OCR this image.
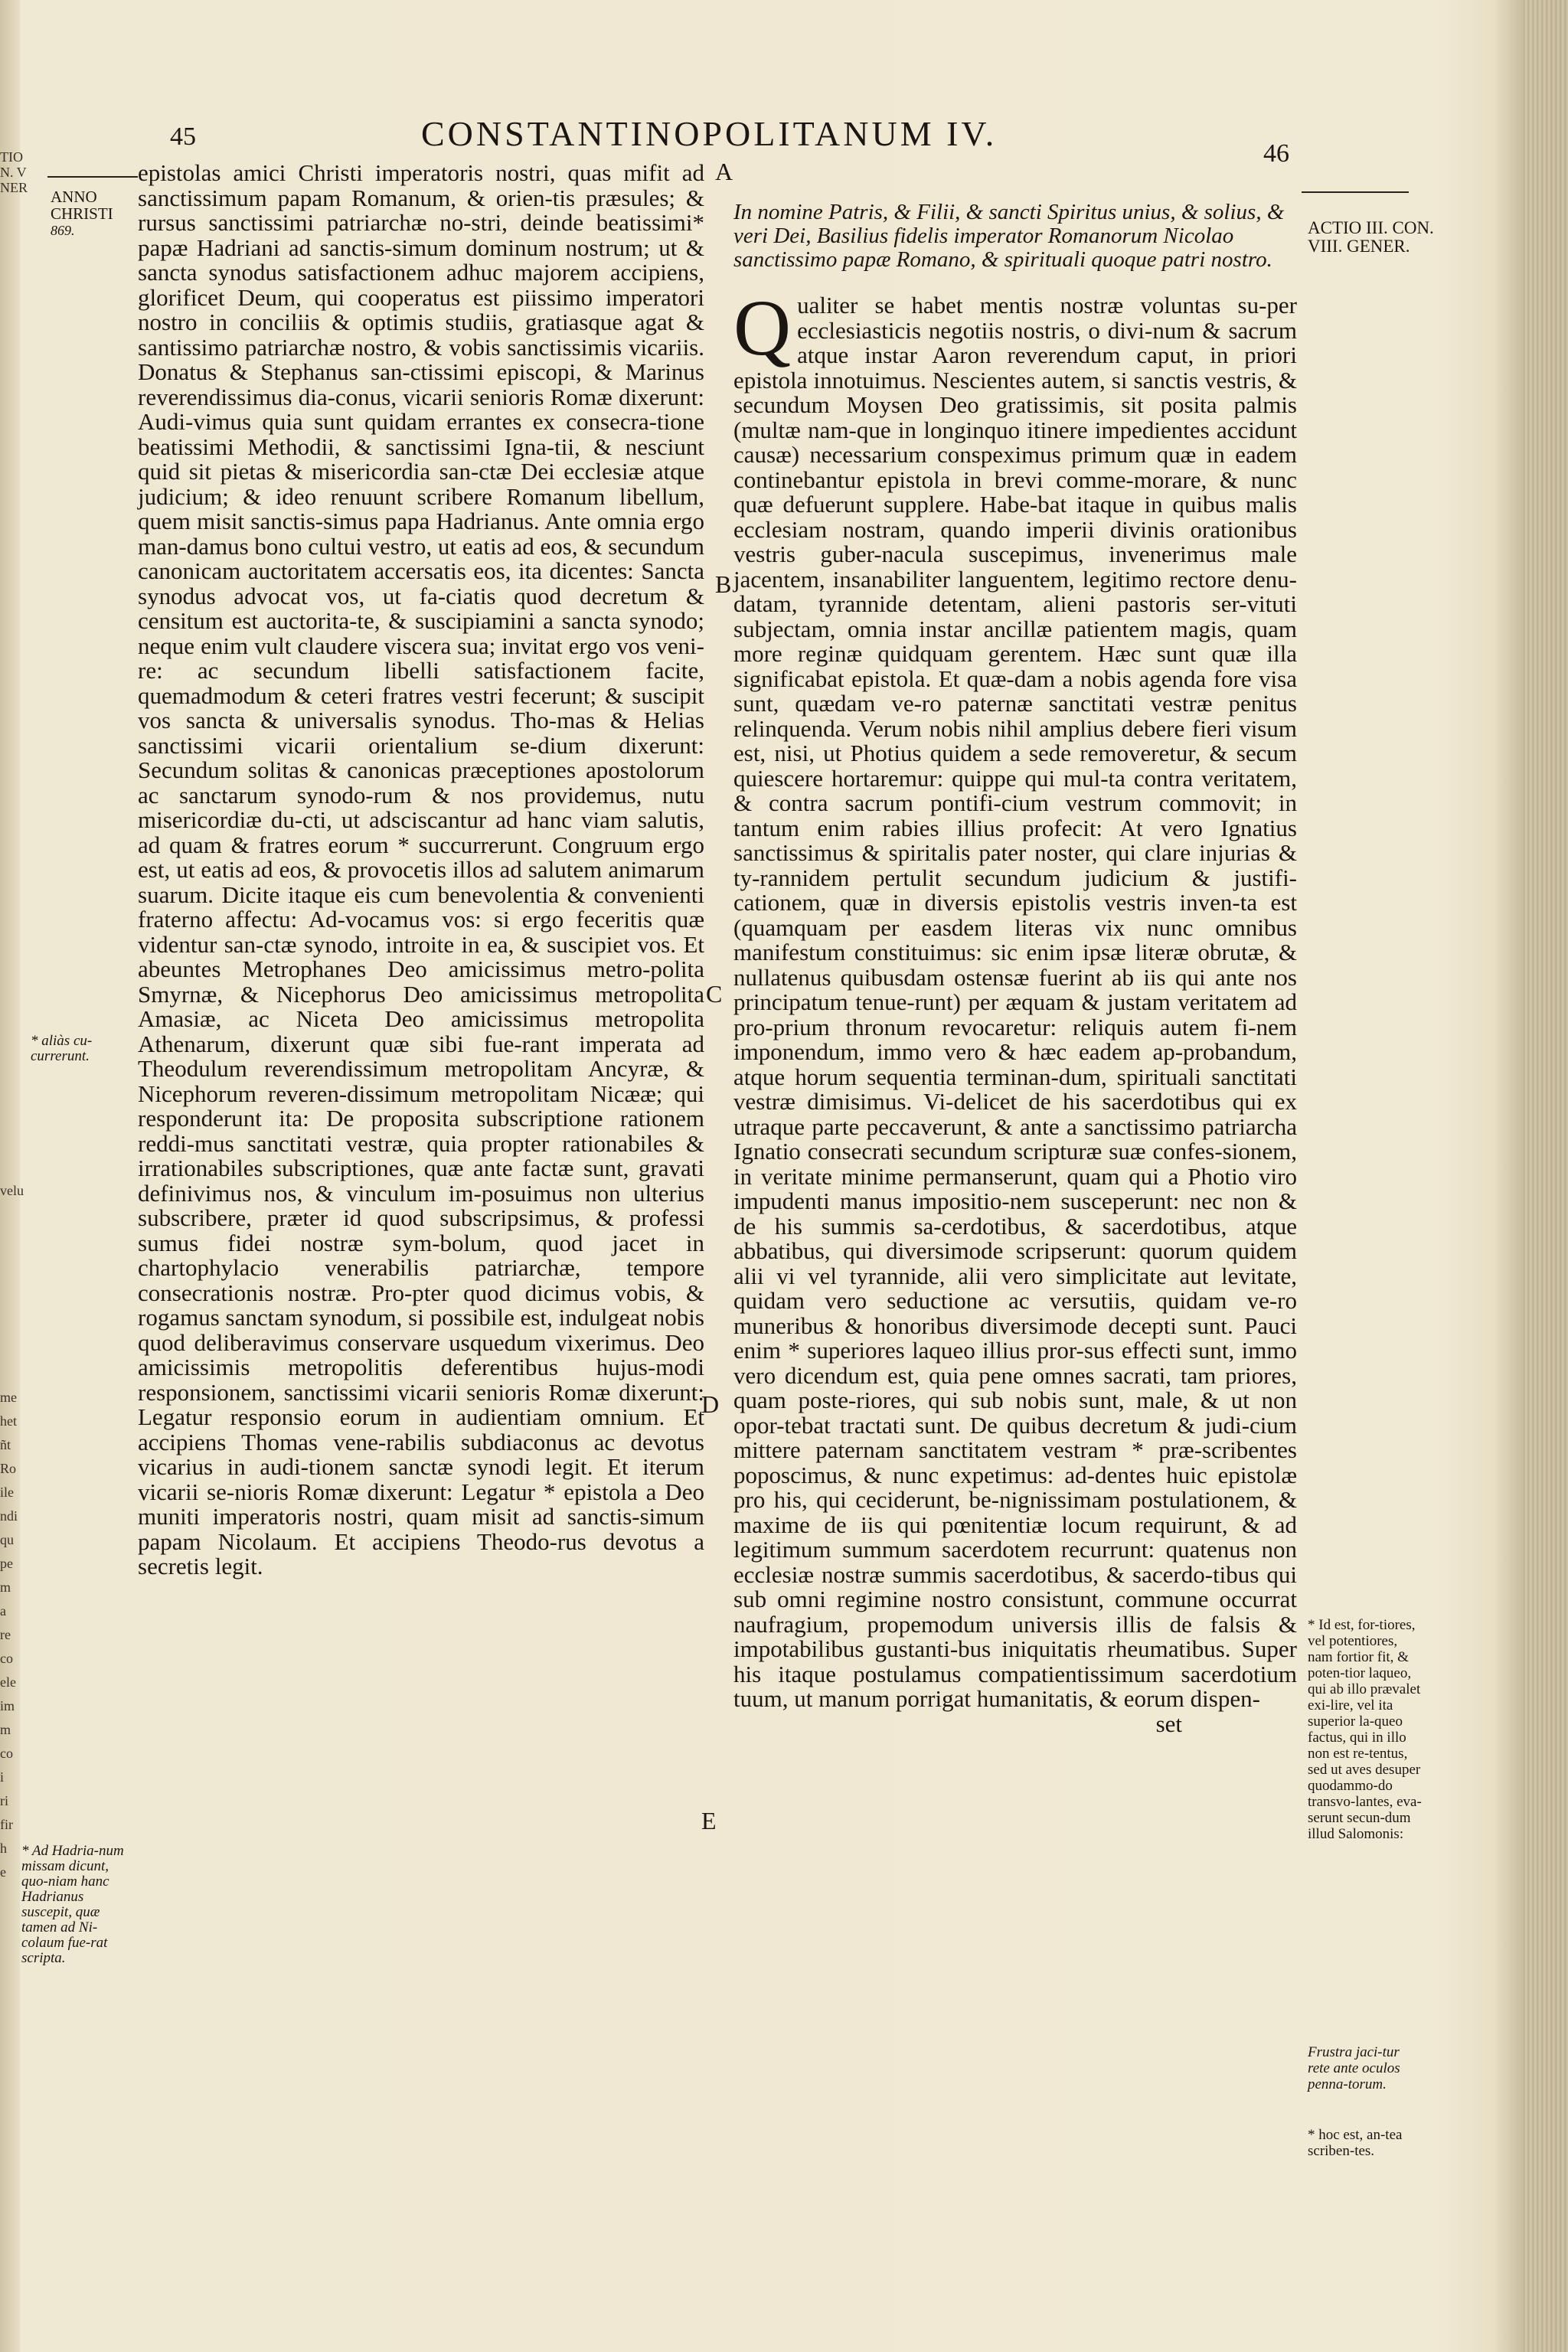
TIO
N. V
NER
velu
me
het
ñt
Ro
ile
ndi
qu
pe
m
a
re
co
ele
im
m
co
i
ri
fir
h
e
45	CONSTANTINOPOLITANUM IV.
46
ANNO CHRISTI
869.
* aliàs cu-currerunt.
* Ad Hadria-num missam dicunt, quo-niam hanc Hadrianus suscepit, quæ tamen ad Ni-colaum fue-rat scripta.
ACTIO III. CON. VIII. GENER.
* Id est, for-tiores, vel potentiores, nam fortior fit, & poten-tior laqueo, qui ab illo prævalet exi-lire, vel ita superior la-queo factus, qui in illo non est re-tentus, sed ut aves desuper quodammo-do transvo-lantes, eva-serunt secun-dum illud Salomonis:
Frustra jaci-tur rete ante oculos penna-torum.
* hoc est, an-tea scriben-tes.
A
B
C
D
E

epistolas amici Christi imperatoris nostri, quas mifit ad sanctissimum papam Romanum, & orien-tis præsules; & rursus sanctissimi patriarchæ no-stri, deinde beatissimi* papæ Hadriani ad sanctis-simum dominum nostrum; ut & sancta synodus satisfactionem adhuc majorem accipiens, glorificet Deum, qui cooperatus est piissimo imperatori nostro in conciliis & optimis studiis, gratiasque agat & santissimo patriarchæ nostro, & vobis sanctissimis vicariis. Donatus & Stephanus san-ctissimi episcopi, & Marinus reverendissimus dia-conus, vicarii senioris Romæ dixerunt: Audi-vimus quia sunt quidam errantes ex consecra-tione beatissimi Methodii, & sanctissimi Igna-tii, & nesciunt quid sit pietas & misericordia san-ctæ Dei ecclesiæ atque judicium; & ideo renuunt scribere Romanum libellum, quem misit sanctis-simus papa Hadrianus. Ante omnia ergo man-damus bono cultui vestro, ut eatis ad eos, & secundum canonicam auctoritatem accersatis eos, ita dicentes: Sancta synodus advocat vos, ut fa-ciatis quod decretum & censitum est auctorita-te, & suscipiamini a sancta synodo; neque enim vult claudere viscera sua; invitat ergo vos veni-re: ac secundum libelli satisfactionem facite, quemadmodum & ceteri fratres vestri fecerunt; & suscipit vos sancta & universalis synodus. Tho-mas & Helias sanctissimi vicarii orientalium se-dium dixerunt: Secundum solitas & canonicas præceptiones apostolorum ac sanctarum synodo-rum & nos providemus, nutu misericordiæ du-cti, ut adsciscantur ad hanc viam salutis, ad quam & fratres eorum * succurrerunt. Congruum ergo est, ut eatis ad eos, & provocetis illos ad salutem animarum suarum. Dicite itaque eis cum benevolentia & convenienti fraterno affectu: Ad-vocamus vos: si ergo feceritis quæ videntur san-ctæ synodo, introite in ea, & suscipiet vos. Et abeuntes Metrophanes Deo amicissimus metro-polita Smyrnæ, & Nicephorus Deo amicissimus metropolita Amasiæ, ac Niceta Deo amicissimus metropolita Athenarum, dixerunt quæ sibi fue-rant imperata ad Theodulum reverendissimum metropolitam Ancyræ, & Nicephorum reveren-dissimum metropolitam Nicææ; qui responderunt ita: De proposita subscriptione rationem reddi-mus sanctitati vestræ, quia propter rationabiles & irrationabiles subscriptiones, quæ ante factæ sunt, gravati definivimus nos, & vinculum im-posuimus non ulterius subscribere, præter id quod subscripsimus, & professi sumus fidei nostræ sym-bolum, quod jacet in chartophylacio venerabilis patriarchæ, tempore consecrationis nostræ. Pro-pter quod dicimus vobis, & rogamus sanctam synodum, si possibile est, indulgeat nobis quod deliberavimus conservare usquedum vixerimus. Deo amicissimis metropolitis deferentibus hujus-modi responsionem, sanctissimi vicarii senioris Romæ dixerunt: Legatur responsio eorum in audientiam omnium. Et accipiens Thomas vene-rabilis subdiaconus ac devotus vicarius in audi-tionem sanctæ synodi legit. Et iterum vicarii se-nioris Romæ dixerunt: Legatur * epistola a Deo muniti imperatoris nostri, quam misit ad sanctis-simum papam Nicolaum. Et accipiens Theodo-rus devotus a secretis legit.

In nomine Patris, & Filii, & sancti Spiritus unius, & solius, & veri Dei, Basilius fidelis imperator Romanorum Nicolao sanctissimo papæ Romano, & spirituali quoque patri nostro.

Qualiter se habet mentis nostræ voluntas su-per ecclesiasticis negotiis nostris, o divi-num & sacrum atque instar Aaron reverendum caput, in priori epistola innotuimus. Nescientes autem, si sanctis vestris, & secundum Moysen Deo gratissimis, sit posita palmis (multæ nam-que in longinquo itinere impedientes accidunt causæ) necessarium conspeximus primum quæ in eadem continebantur epistola in brevi comme-morare, & nunc quæ defuerunt supplere. Habe-bat itaque in quibus malis ecclesiam nostram, quando imperii divinis orationibus vestris guber-nacula suscepimus, invenerimus male jacentem, insanabiliter languentem, legitimo rectore denu-datam, tyrannide detentam, alieni pastoris ser-vituti subjectam, omnia instar ancillæ patientem magis, quam more reginæ quidquam gerentem. Hæc sunt quæ illa significabat epistola. Et quæ-dam a nobis agenda fore visa sunt, quædam ve-ro paternæ sanctitati vestræ penitus relinquenda. Verum nobis nihil amplius debere fieri visum est, nisi, ut Photius quidem a sede removeretur, & secum quiescere hortaremur: quippe qui mul-ta contra veritatem, & contra sacrum pontifi-cium vestrum commovit; in tantum enim rabies illius profecit: At vero Ignatius sanctissimus & spiritalis pater noster, qui clare injurias & ty-rannidem pertulit secundum judicium & justifi-cationem, quæ in diversis epistolis vestris inven-ta est (quamquam per easdem literas vix nunc omnibus manifestum constituimus: sic enim ipsæ literæ obrutæ, & nullatenus quibusdam ostensæ fuerint ab iis qui ante nos principatum tenue-runt) per æquam & justam veritatem ad pro-prium thronum revocaretur: reliquis autem fi-nem imponendum, immo vero & hæc eadem ap-probandum, atque horum sequentia terminan-dum, spirituali sanctitati vestræ dimisimus. Vi-delicet de his sacerdotibus qui ex utraque parte peccaverunt, & ante a sanctissimo patriarcha Ignatio consecrati secundum scripturæ suæ confes-sionem, in veritate minime permanserunt, quam qui a Photio viro impudenti manus impositio-nem susceperunt: nec non & de his summis sa-cerdotibus, & sacerdotibus, atque abbatibus, qui diversimode scripserunt: quorum quidem alii vi vel tyrannide, alii vero simplicitate aut levitate, quidam vero seductione ac versutiis, quidam ve-ro muneribus & honoribus diversimode decepti sunt. Pauci enim * superiores laqueo illius pror-sus effecti sunt, immo vero dicendum est, quia pene omnes sacrati, tam priores, quam poste-riores, qui sub nobis sunt, male, & ut non opor-tebat tractati sunt. De quibus decretum & judi-cium mittere paternam sanctitatem vestram * præ-scribentes poposcimus, & nunc expetimus: ad-dentes huic epistolæ pro his, qui ceciderunt, be-nignissimam postulationem, & maxime de iis qui pœnitentiæ locum requirunt, & ad legitimum summum sacerdotem recurrunt: quatenus non ecclesiæ nostræ summis sacerdotibus, & sacerdo-tibus qui sub omni regimine nostro consistunt, commune occurrat naufragium, propemodum universis illis de falsis & impotabilibus gustanti-bus iniquitatis rheumatibus. Super his itaque postulamus compatientissimum sacerdotium tuum, ut manum porrigat humanitatis, & eorum dispen-

set
